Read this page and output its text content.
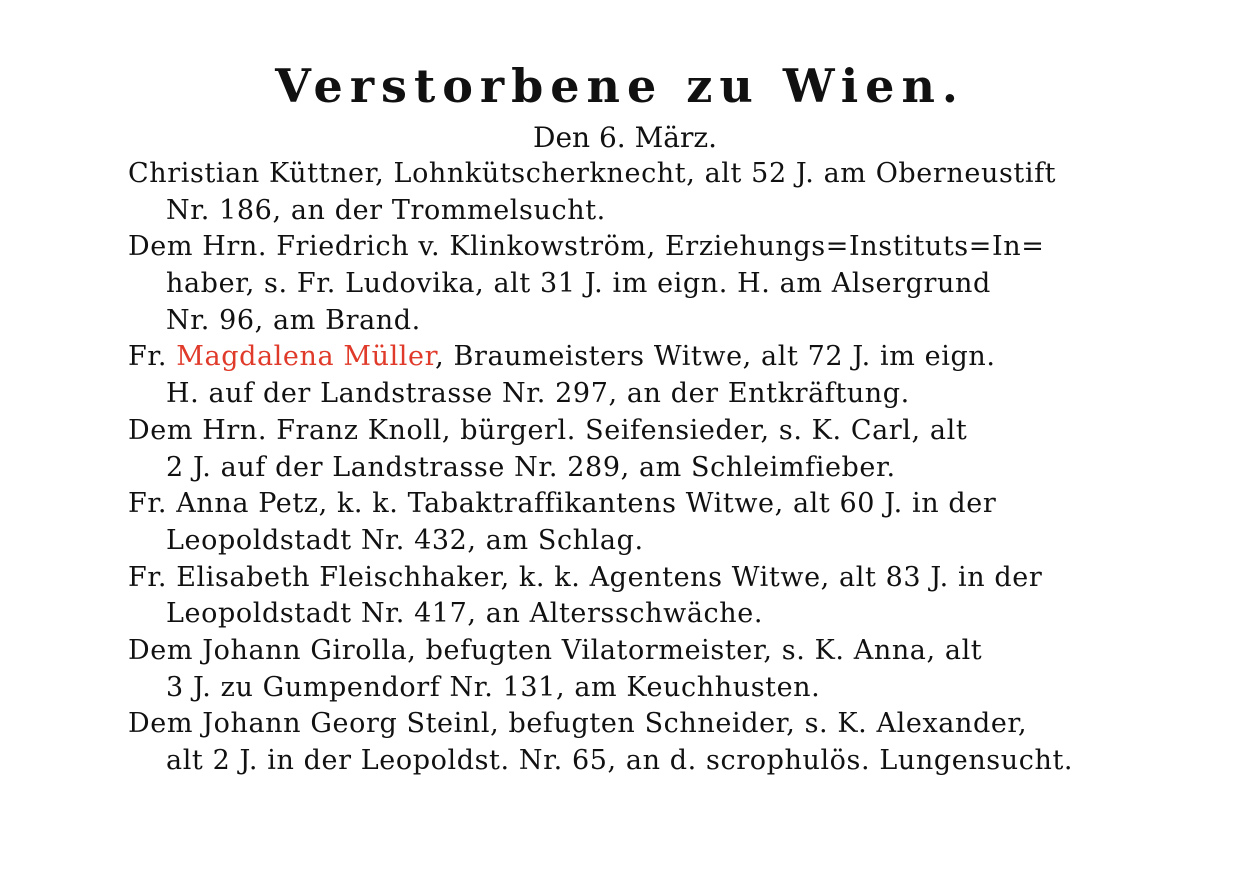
Verstorbene zu Wien.
Den 6. März.
Christian Küttner, Lohnkütscherknecht, alt 52 J. am Oberneustift
Nr. 186, an der Trommelsucht.
Dem Hrn. Friedrich v. Klinkowström, Erziehungs=Instituts=In=
haber, s. Fr. Ludovika, alt 31 J. im eign. H. am Alsergrund
Nr. 96, am Brand.
Fr. Magdalena Müller, Braumeisters Witwe, alt 72 J. im eign.
H. auf der Landstrasse Nr. 297, an der Entkräftung.
Dem Hrn. Franz Knoll, bürgerl. Seifensieder, s. K. Carl, alt
2 J. auf der Landstrasse Nr. 289, am Schleimfieber.
Fr. Anna Petz, k. k. Tabaktraffikantens Witwe, alt 60 J. in der
Leopoldstadt Nr. 432, am Schlag.
Fr. Elisabeth Fleischhaker, k. k. Agentens Witwe, alt 83 J. in der
Leopoldstadt Nr. 417, an Altersschwäche.
Dem Johann Girolla, befugten Vilatormeister, s. K. Anna, alt
3 J. zu Gumpendorf Nr. 131, am Keuchhusten.
Dem Johann Georg Steinl, befugten Schneider, s. K. Alexander,
alt 2 J. in der Leopoldst. Nr. 65, an d. scrophulös. Lungensucht.
